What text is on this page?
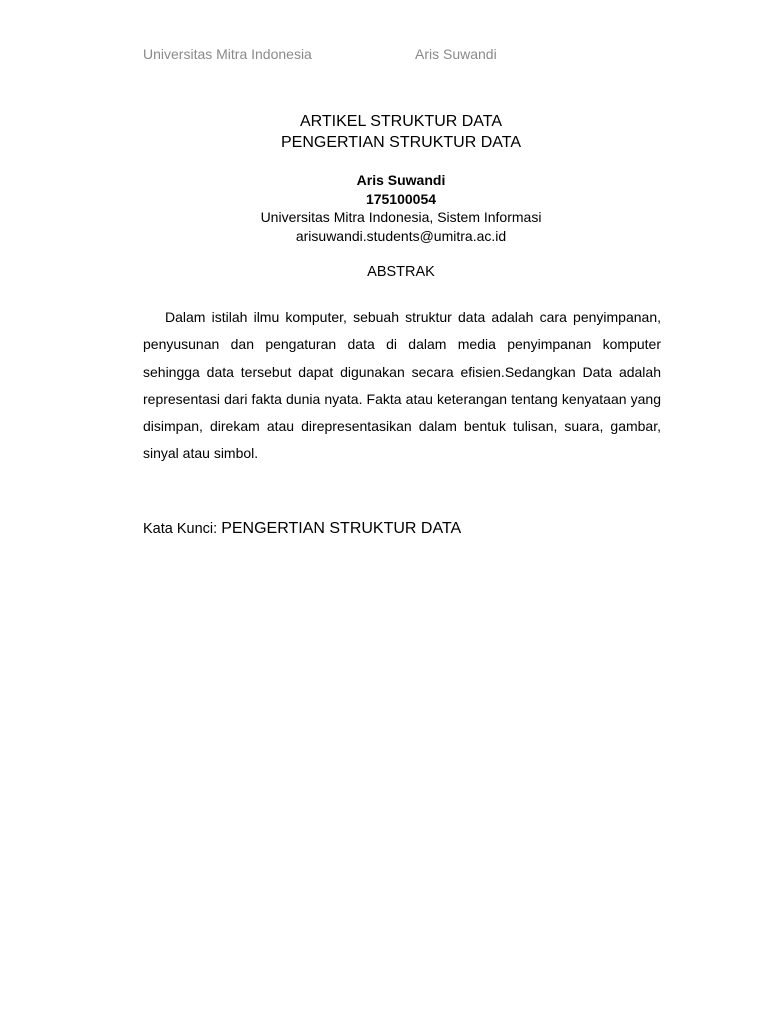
Universitas Mitra Indonesia	Aris Suwandi
ARTIKEL STRUKTUR DATA
PENGERTIAN STRUKTUR DATA
Aris Suwandi
175100054
Universitas Mitra Indonesia, Sistem Informasi
arisuwandi.students@umitra.ac.id
ABSTRAK

Dalam istilah ilmu komputer, sebuah struktur data adalah cara penyimpanan, penyusunan dan pengaturan data di dalam media penyimpanan komputer sehingga data tersebut dapat digunakan secara efisien.Sedangkan Data adalah representasi dari fakta dunia nyata. Fakta atau keterangan tentang kenyataan yang disimpan, direkam atau direpresentasikan dalam bentuk tulisan, suara, gambar, sinyal atau simbol.

Kata Kunci: PENGERTIAN STRUKTUR DATA
